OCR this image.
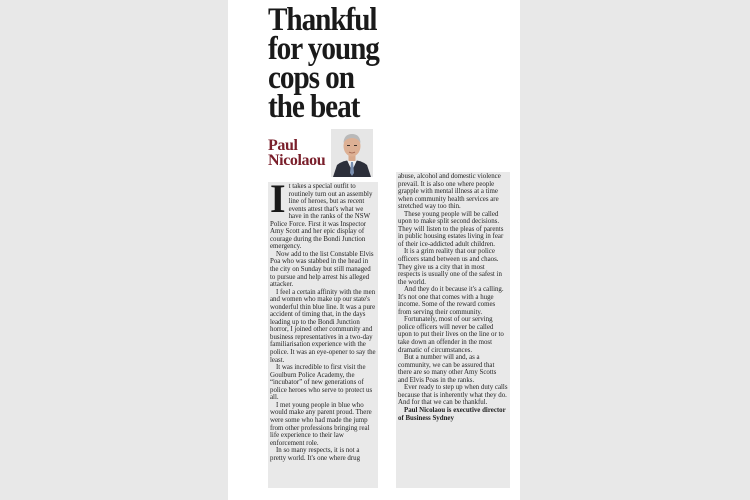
Thankful for young cops on the beat
Paul
Nicolaou
I t takes a special outfit to routinely turn out an assembly line of heroes, but as recent events attest that's what we have in the ranks of the NSW Police Force. First it was Inspector Amy Scott and her epic display of courage during the Bondi Junction emergency.

Now add to the list Constable Elvis Poa who was stabbed in the head in the city on Sunday but still managed to pursue and help arrest his alleged attacker.

I feel a certain affinity with the men and women who make up our state's wonderful thin blue line. It was a pure accident of timing that, in the days leading up to the Bondi Junction horror, I joined other community and business representatives in a two-day familiarisation experience with the police. It was an eye-opener to say the least.

It was incredible to first visit the Goulburn Police Academy, the “incubator” of new generations of police heroes who serve to protect us all.

I met young people in blue who would make any parent proud. There were some who had made the jump from other professions bringing real life experience to their law enforcement role.

In so many respects, it is not a pretty world. It's one where drug

abuse, alcohol and domestic violence prevail. It is also one where people grapple with mental illness at a time when community health services are stretched way too thin.

These young people will be called upon to make split second decisions. They will listen to the pleas of parents in public housing estates living in fear of their ice-addicted adult children.

It is a grim reality that our police officers stand between us and chaos. They give us a city that in most respects is usually one of the safest in the world.

And they do it because it's a calling. It's not one that comes with a huge income. Some of the reward comes from serving their community.

Fortunately, most of our serving police officers will never be called upon to put their lives on the line or to take down an offender in the most dramatic of circumstances.

But a number will and, as a community, we can be assured that there are so many other Amy Scotts and Elvis Poas in the ranks.

Ever ready to step up when duty calls because that is inherently what they do. And for that we can be thankful.

Paul Nicolaou is executive director of Business Sydney
